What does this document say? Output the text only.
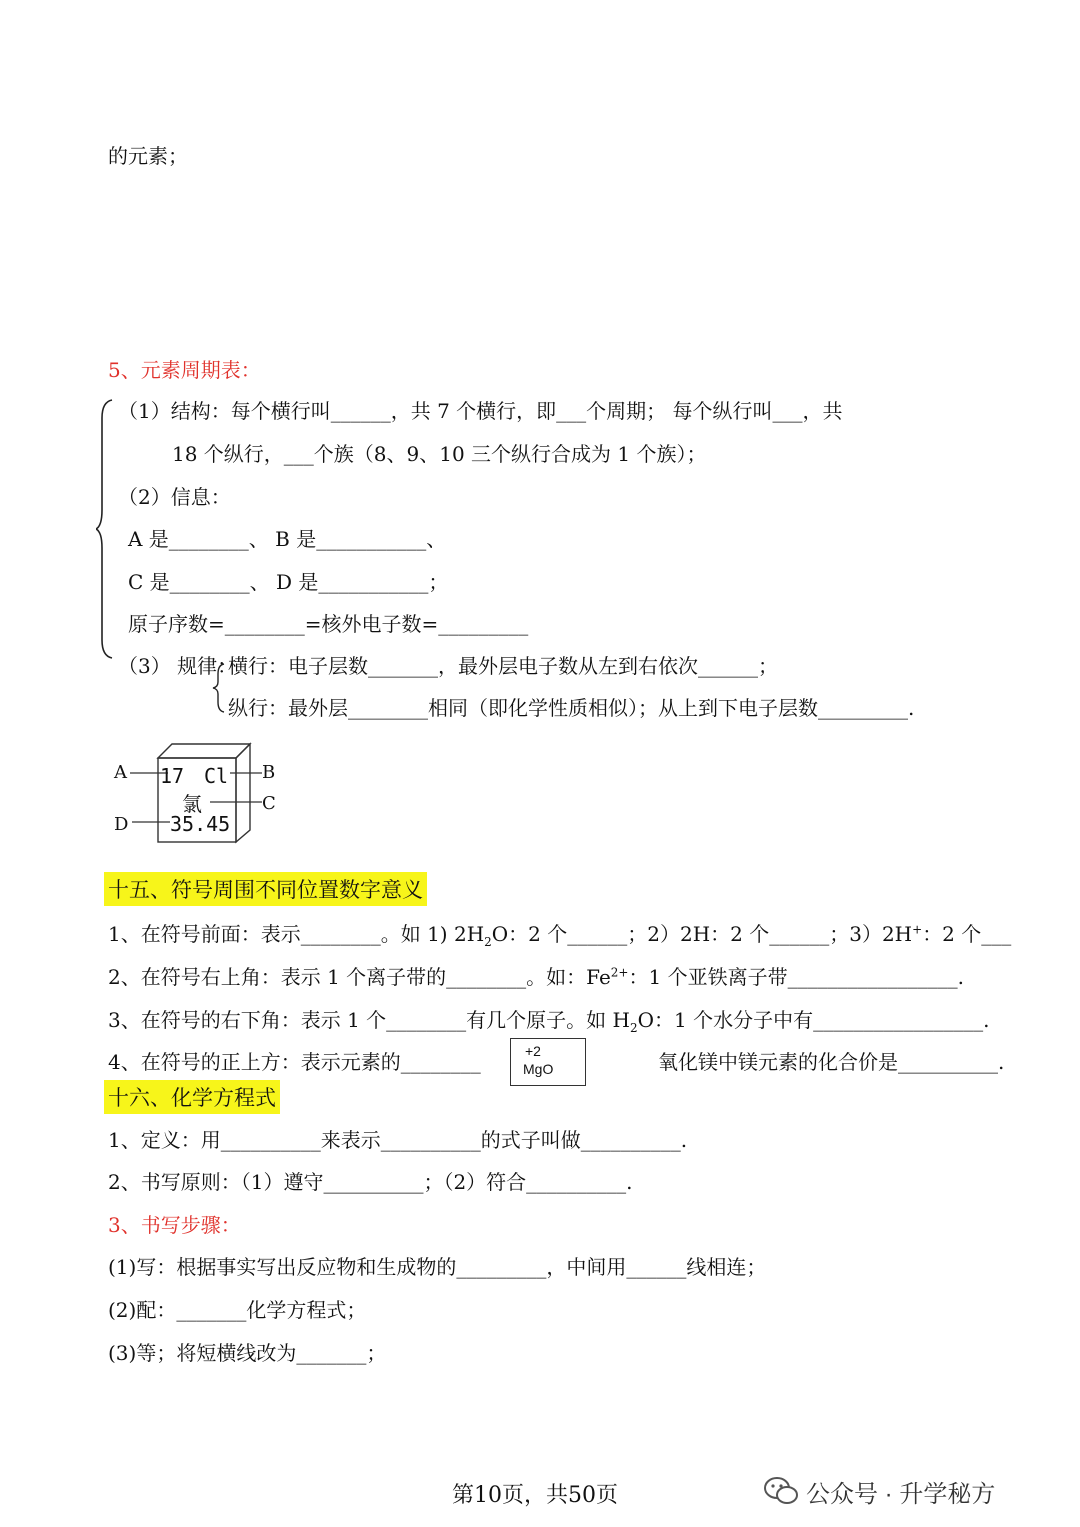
的元素；
5、元素周期表：
（1）结构：每个横行叫______，共 7 个横行，即___个周期； 每个纵行叫___，共
18 个纵行，___个族（8、9、10 三个纵行合成为 1 个族）；
（2）信息：
A 是________、 B 是___________、
C 是________、 D 是___________；
原子序数=________=核外电子数=_________
（3） 规律：
横行：电子层数_______，最外层电子数从左到右依次______；
纵行：最外层________相同（即化学性质相似）；从上到下电子层数_________.
A	B
C
D
17 Cl
氯
35.45
十五、符号周围不同位置数字意义
1、在符号前面：表示________。如 1) $2H_2O$：2 个______；2）2H：2 个______；3）2H+：2 个___
2、在符号右上角：表示 1 个离子带的________。如：$Fe^{2+}$：1 个亚铁离子带_________________.
3、在符号的右下角：表示 1 个________有几个原子。如 $H_2O$：1 个水分子中有_________________.
4、在符号的正上方：表示元素的________	+2
MgO	氧化镁中镁元素的化合价是__________.
十六、化学方程式
1、定义：用__________来表示__________的式子叫做__________.
2、书写原则：（1）遵守__________；（2）符合__________.
3、书写步骤：
(1)写：根据事实写出反应物和生成物的_________，中间用______线相连；
(2)配：_______化学方程式；
(3)等；将短横线改为_______；
第10页，共50页	公众号 · 升学秘方
